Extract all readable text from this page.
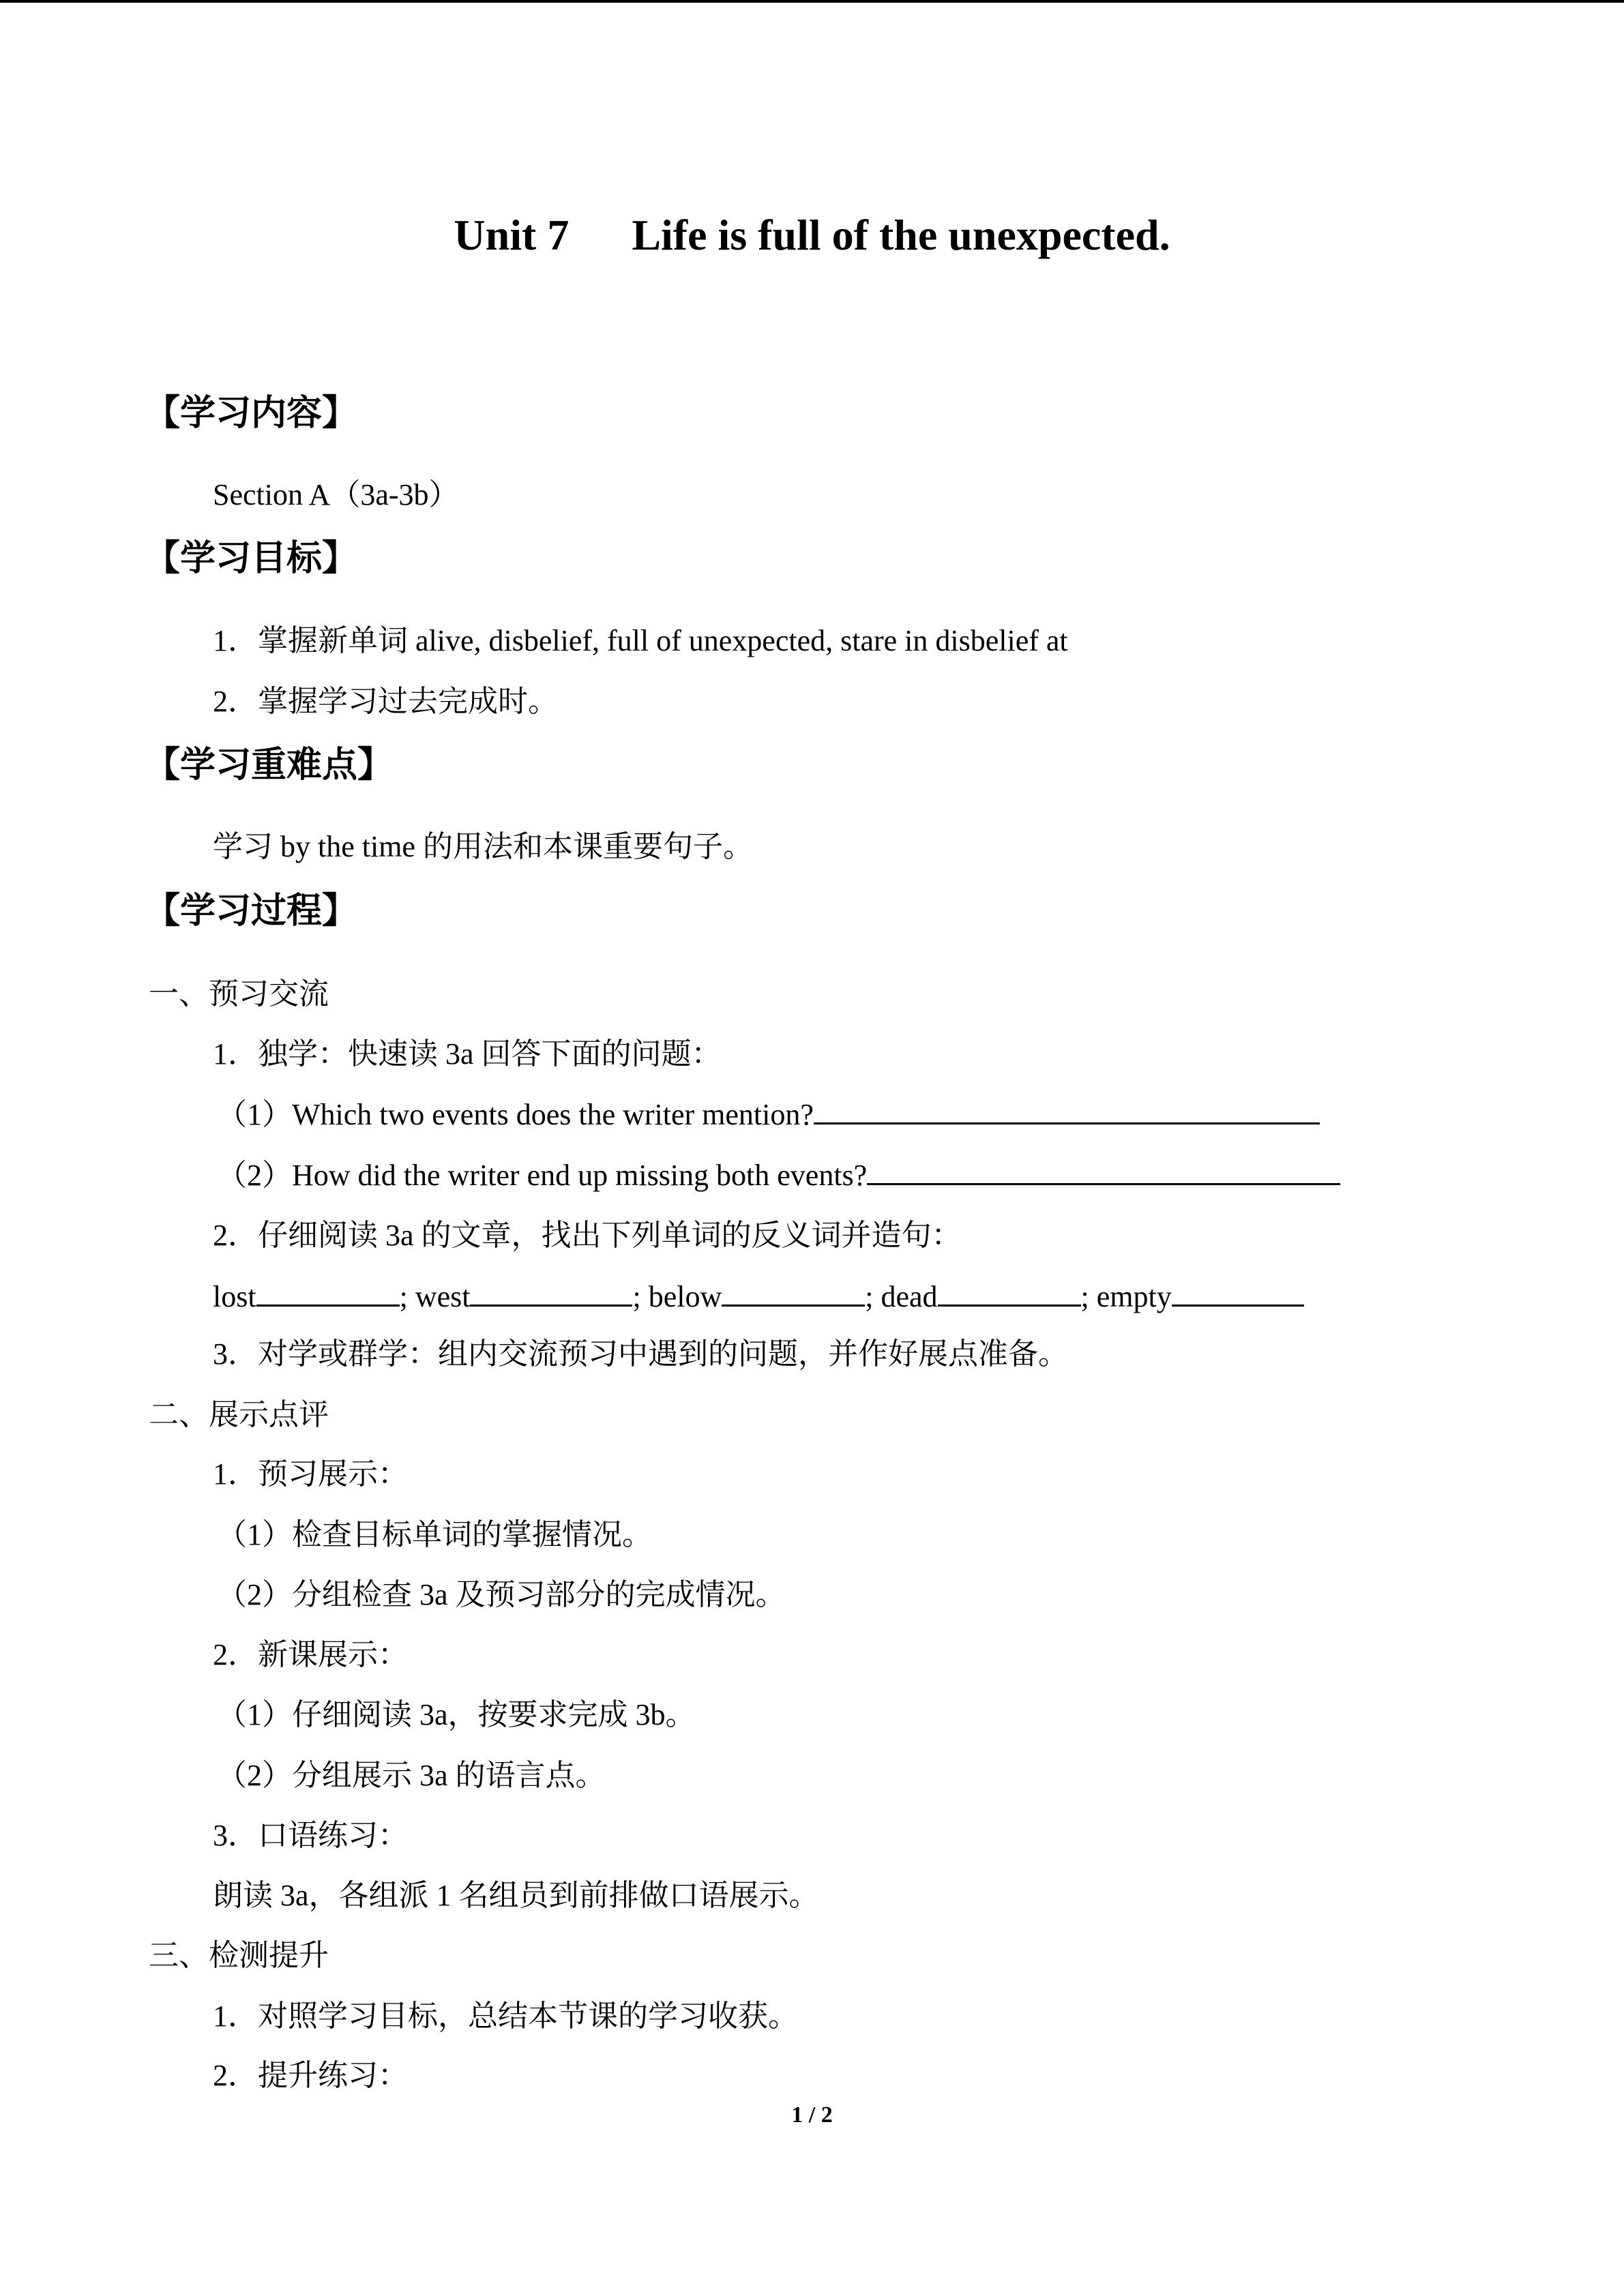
Unit 7 Life is full of the unexpected.
【学习内容】
Section A（3a-3b）
【学习目标】
1．掌握新单词 alive, disbelief, full of unexpected, stare in disbelief at
2．掌握学习过去完成时。
【学习重难点】
学习 by the time 的用法和本课重要句子。
【学习过程】
一、预习交流
1．独学：快速读 3a 回答下面的问题：
（1）Which two events does the writer mention?
（2）How did the writer end up missing both events?
2．仔细阅读 3a 的文章，找出下列单词的反义词并造句：
lost	; west	; below	; dead	; empty
3．对学或群学：组内交流预习中遇到的问题，并作好展点准备。
二、展示点评
1．预习展示：
（1）检查目标单词的掌握情况。
（2）分组检查 3a 及预习部分的完成情况。
2．新课展示：
（1）仔细阅读 3a，按要求完成 3b。
（2）分组展示 3a 的语言点。
3．口语练习：
朗读 3a，各组派 1 名组员到前排做口语展示。
三、检测提升
1．对照学习目标，总结本节课的学习收获。
2．提升练习：
1 / 2
